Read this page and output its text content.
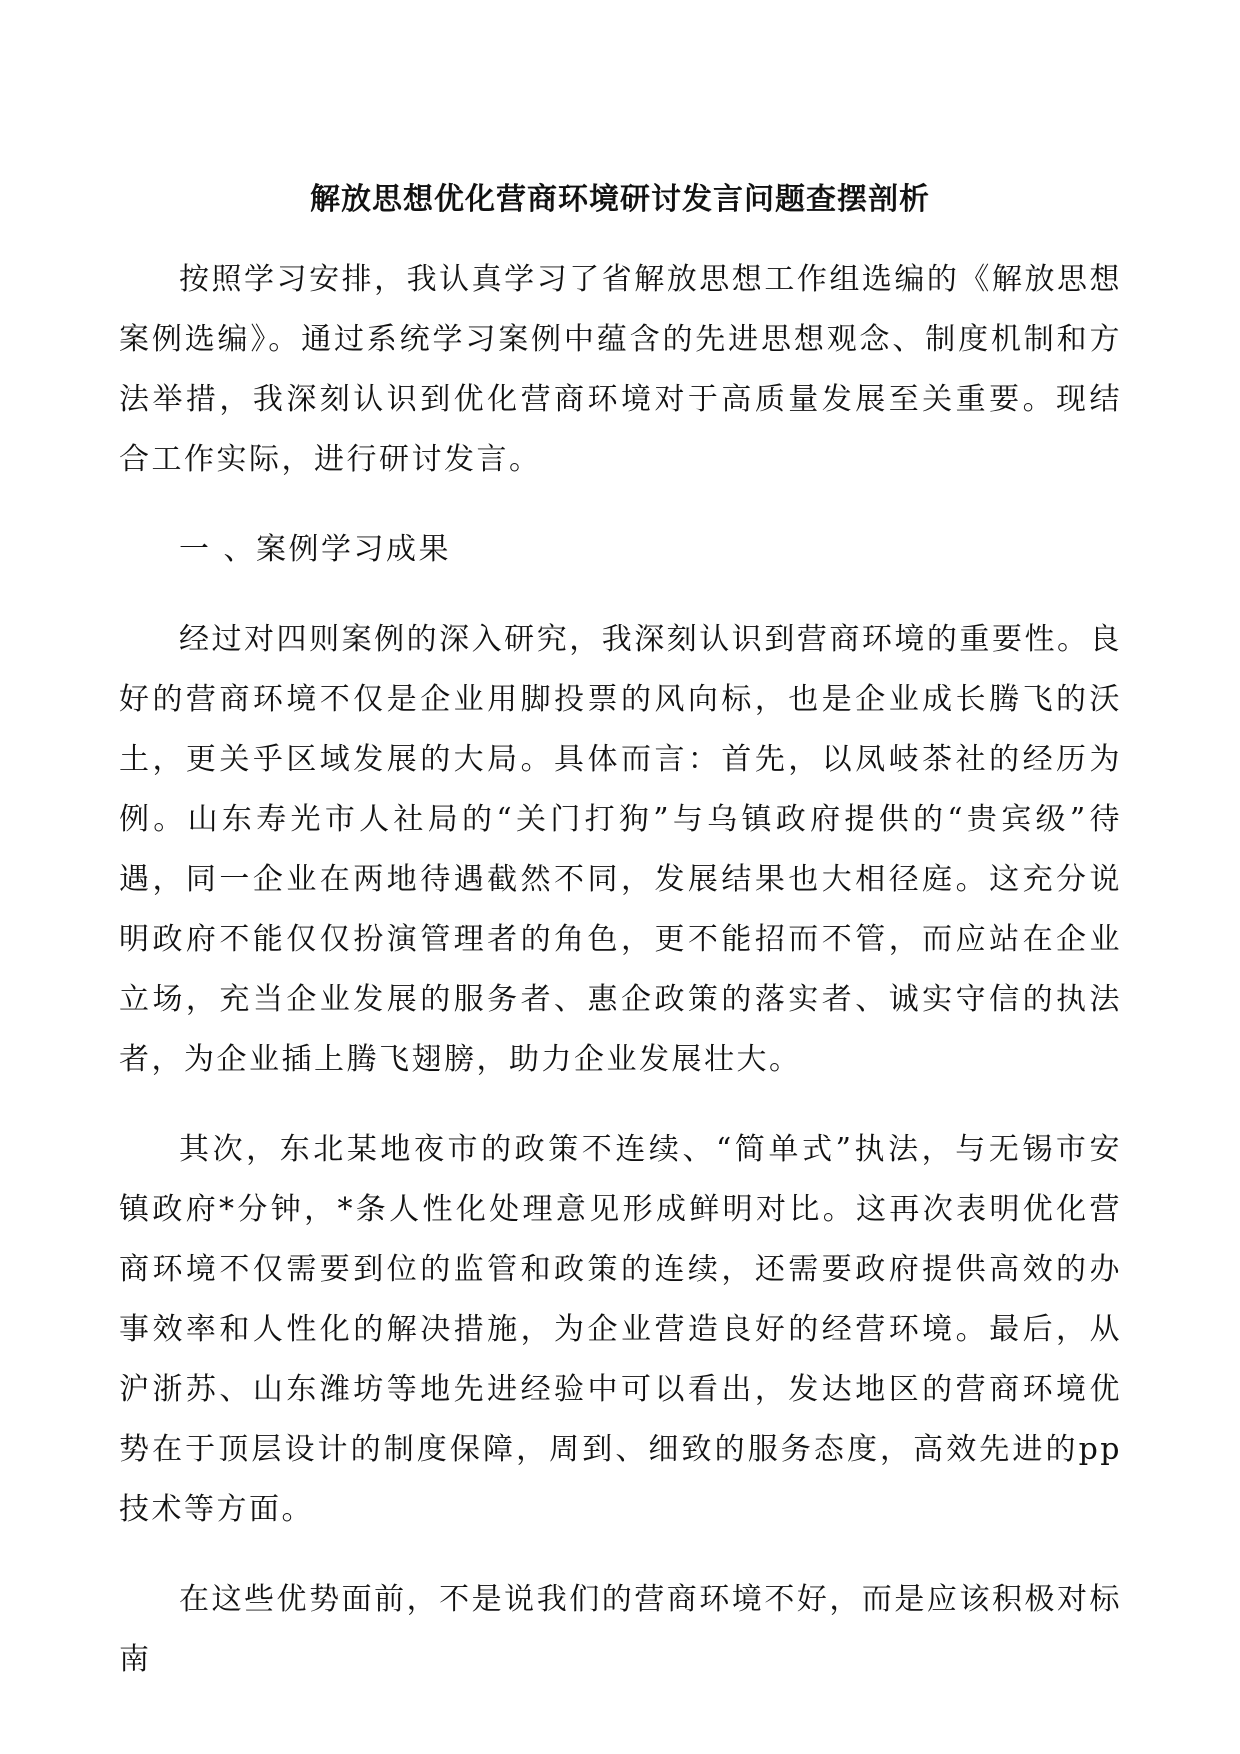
解放思想优化营商环境研讨发言问题查摆剖析

按照学习安排，我认真学习了省解放思想工作组选编的《解放思想案例选编》。通过系统学习案例中蕴含的先进思想观念、制度机制和方法举措，我深刻认识到优化营商环境对于高质量发展至关重要。现结合工作实际，进行研讨发言。

一 、案例学习成果

经过对四则案例的深入研究，我深刻认识到营商环境的重要性。良好的营商环境不仅是企业用脚投票的风向标，也是企业成长腾飞的沃土，更关乎区域发展的大局。具体而言：首先，以凤岐茶社的经历为例。山东寿光市人社局的“关门打狗”与乌镇政府提供的“贵宾级”待遇，同一企业在两地待遇截然不同，发展结果也大相径庭。这充分说明政府不能仅仅扮演管理者的角色，更不能招而不管，而应站在企业立场，充当企业发展的服务者、惠企政策的落实者、诚实守信的执法者，为企业插上腾飞翅膀，助力企业发展壮大。

其次，东北某地夜市的政策不连续、“简单式”执法，与无锡市安镇政府*分钟，*条人性化处理意见形成鲜明对比。这再次表明优化营商环境不仅需要到位的监管和政策的连续，还需要政府提供高效的办事效率和人性化的解决措施，为企业营造良好的经营环境。最后，从沪浙苏、山东潍坊等地先进经验中可以看出，发达地区的营商环境优势在于顶层设计的制度保障，周到、细致的服务态度，高效先进的pp技术等方面。

在这些优势面前，不是说我们的营商环境不好，而是应该积极对标南
